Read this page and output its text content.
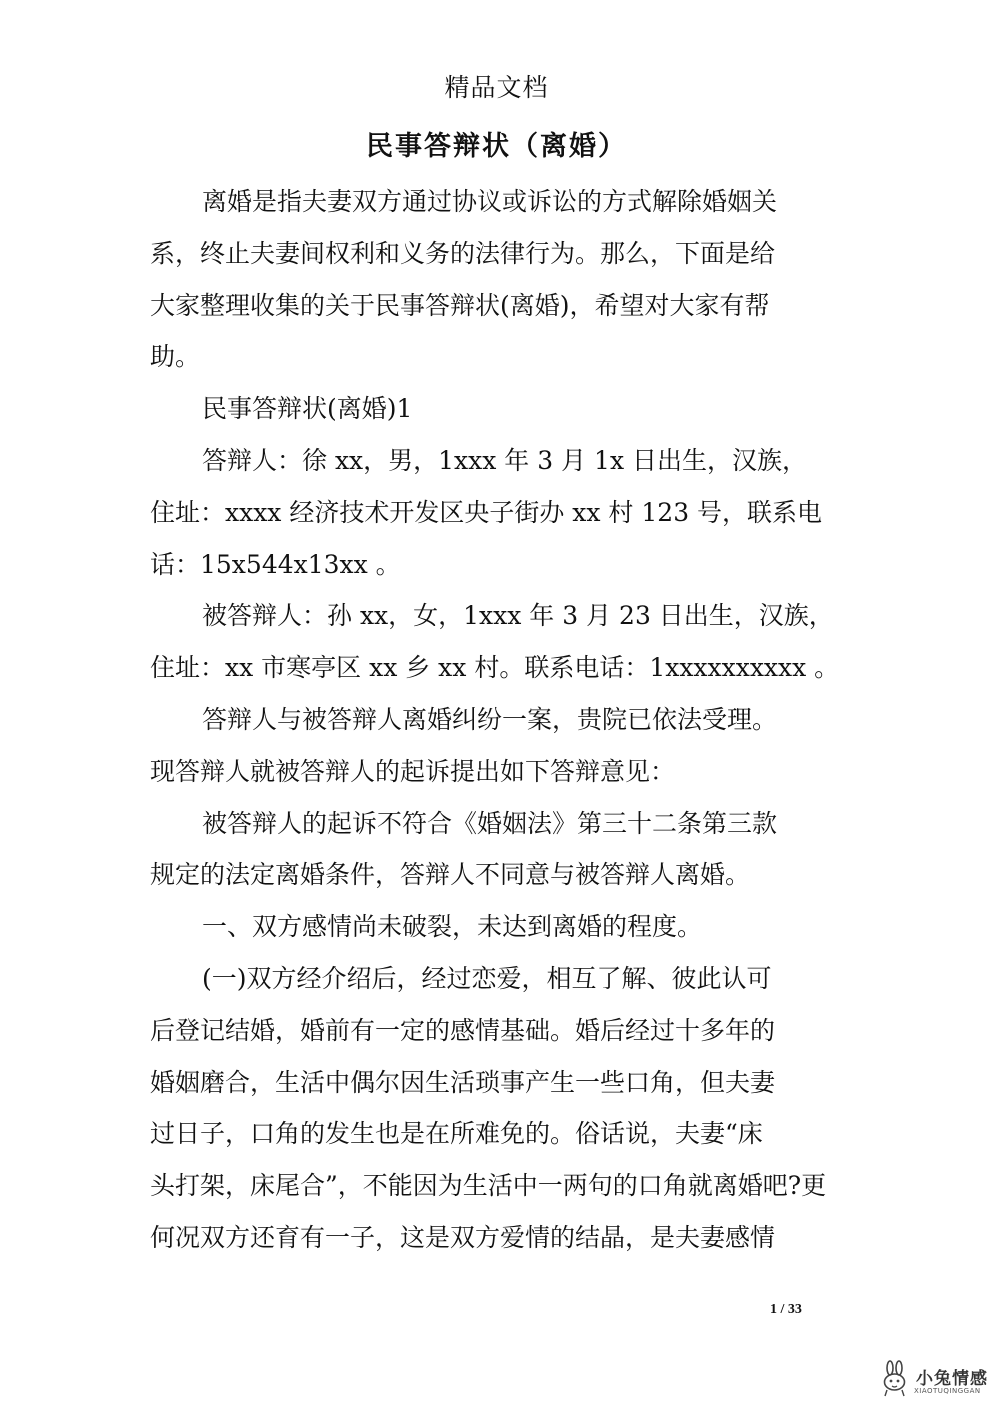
精品文档
民事答辩状（离婚）
离婚是指夫妻双方通过协议或诉讼的方式解除婚姻关
系，终止夫妻间权利和义务的法律行为。那么，下面是给
大家整理收集的关于民事答辩状(离婚)，希望对大家有帮
助。
民事答辩状(离婚)1
答辩人：徐 xx，男，1xxx 年 3 月 1x 日出生，汉族，
住址：xxxx 经济技术开发区央子街办 xx 村 123 号，联系电
话：15x544x13xx 。
被答辩人：孙 xx，女，1xxx 年 3 月 23 日出生，汉族，
住址：xx 市寒亭区 xx 乡 xx 村。联系电话：1xxxxxxxxxx 。
答辩人与被答辩人离婚纠纷一案，贵院已依法受理。
现答辩人就被答辩人的起诉提出如下答辩意见：
被答辩人的起诉不符合《婚姻法》第三十二条第三款
规定的法定离婚条件，答辩人不同意与被答辩人离婚。
一、双方感情尚未破裂，未达到离婚的程度。
(一)双方经介绍后，经过恋爱，相互了解、彼此认可
后登记结婚，婚前有一定的感情基础。婚后经过十多年的
婚姻磨合，生活中偶尔因生活琐事产生一些口角，但夫妻
过日子，口角的发生也是在所难免的。俗话说，夫妻“床
头打架，床尾合”，不能因为生活中一两句的口角就离婚吧?更
何况双方还育有一子，这是双方爱情的结晶，是夫妻感情
1 / 33
小兔情感
XIAOTUQINGGAN
